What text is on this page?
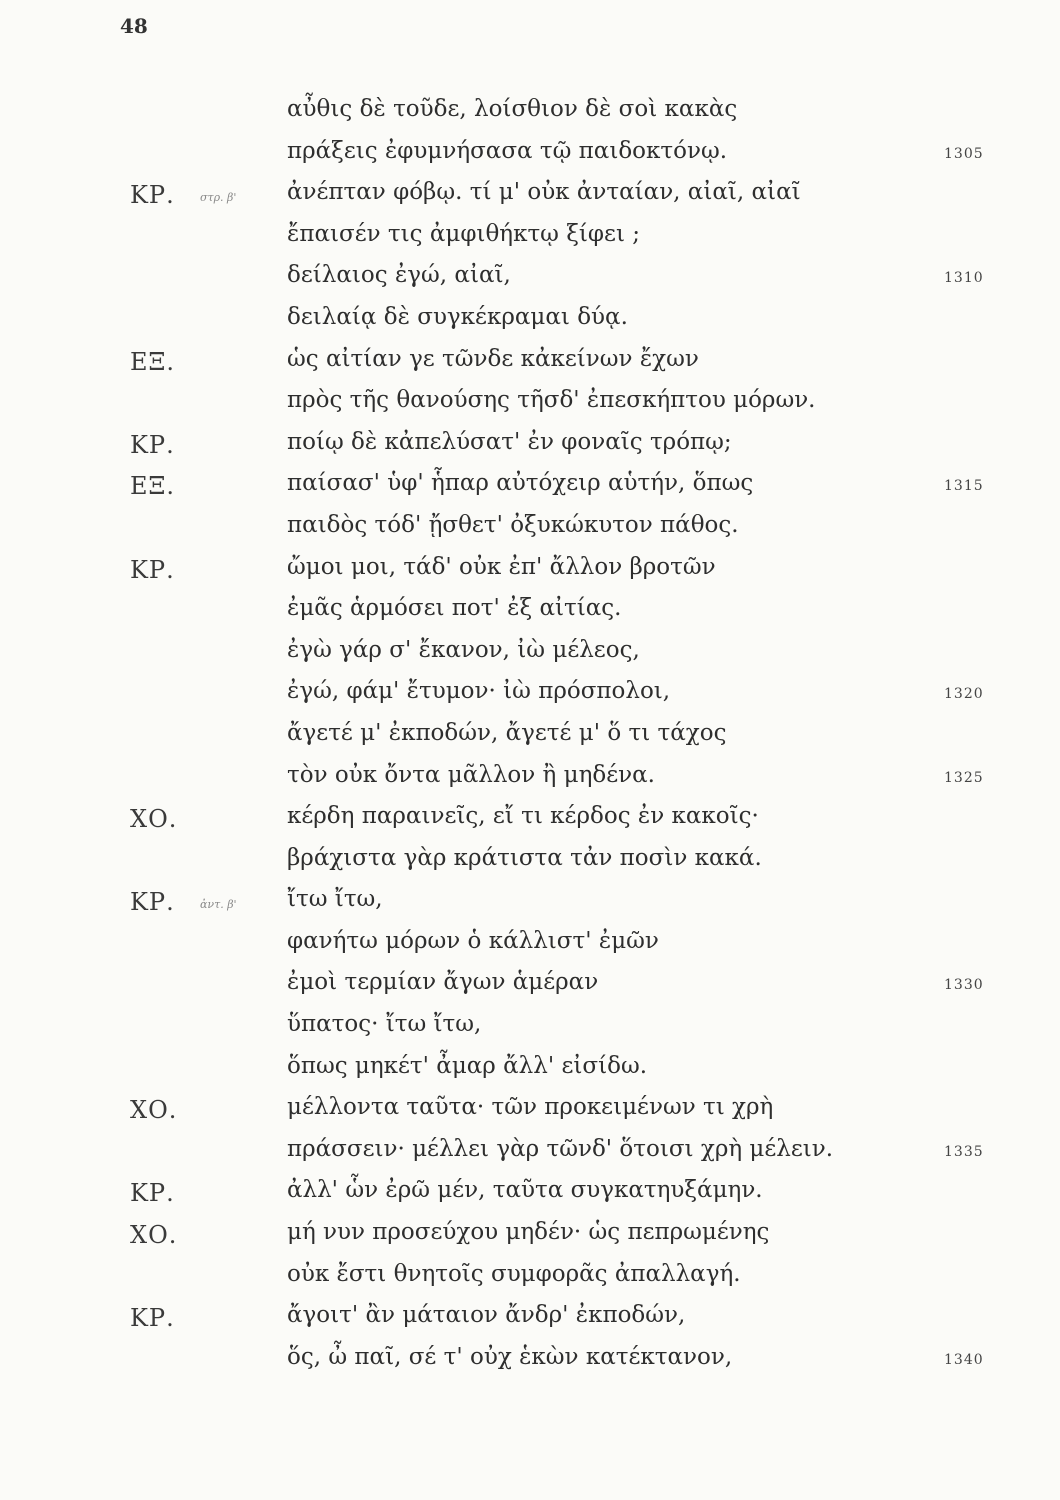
48
αὖθις δὲ τοῦδε, λοίσθιον δὲ σοὶ κακὰς
πράξεις ἐφυμνήσασα τῷ παιδοκτόνῳ.	1305
ΚΡ. στρ. β' ἀνέπταν φόβῳ. τί μ' οὐκ ἀνταίαν, αἰαῖ, αἰαῖ
ἔπαισέν τις ἀμφιθήκτῳ ξίφει ;
δείλαιος ἐγώ, αἰαῖ,	1310
δειλαίᾳ δὲ συγκέκραμαι δύᾳ.
ΕΞ.	ὡς αἰτίαν γε τῶνδε κἀκείνων ἔχων
πρὸς τῆς θανούσης τῆσδ' ἐπεσκήπτου μόρων.
ΚΡ.	ποίῳ δὲ κἀπελύσατ' ἐν φοναῖς τρόπῳ;
ΕΞ.	παίσασ' ὑφ' ἧπαρ αὐτόχειρ αὑτήν, ὅπως	1315
παιδὸς τόδ' ᾔσθετ' ὀξυκώκυτον πάθος.
ΚΡ.	ὤμοι μοι, τάδ' οὐκ ἐπ' ἄλλον βροτῶν
ἐμᾶς ἁρμόσει ποτ' ἐξ αἰτίας.
ἐγὼ γάρ σ' ἔκανον, ἰὼ μέλεος,
ἐγώ, φάμ' ἔτυμον· ἰὼ πρόσπολοι,	1320
ἄγετέ μ' ἐκποδών, ἄγετέ μ' ὅ τι τάχος
τὸν οὐκ ὄντα μᾶλλον ἢ μηδένα.	1325
ΧΟ.	κέρδη παραινεῖς, εἴ τι κέρδος ἐν κακοῖς·
βράχιστα γὰρ κράτιστα τἀν ποσὶν κακά.
ΚΡ. ἀντ. β' ἴτω ἴτω,
φανήτω μόρων ὁ κάλλιστ' ἐμῶν
ἐμοὶ τερμίαν ἄγων ἁμέραν	1330
ὕπατος· ἴτω ἴτω,
ὅπως μηκέτ' ἆμαρ ἄλλ' εἰσίδω.
ΧΟ.	μέλλοντα ταῦτα· τῶν προκειμένων τι χρὴ
πράσσειν· μέλλει γὰρ τῶνδ' ὅτοισι χρὴ μέλειν.	1335
ΚΡ.	ἀλλ' ὧν ἐρῶ μέν, ταῦτα συγκατηυξάμην.
ΧΟ.	μή νυν προσεύχου μηδέν· ὡς πεπρωμένης
οὐκ ἔστι θνητοῖς συμφορᾶς ἀπαλλαγή.
ΚΡ.	ἄγοιτ' ἂν μάταιον ἄνδρ' ἐκποδών,
ὅς, ὦ παῖ, σέ τ' οὐχ ἑκὼν κατέκτανον,	1340
